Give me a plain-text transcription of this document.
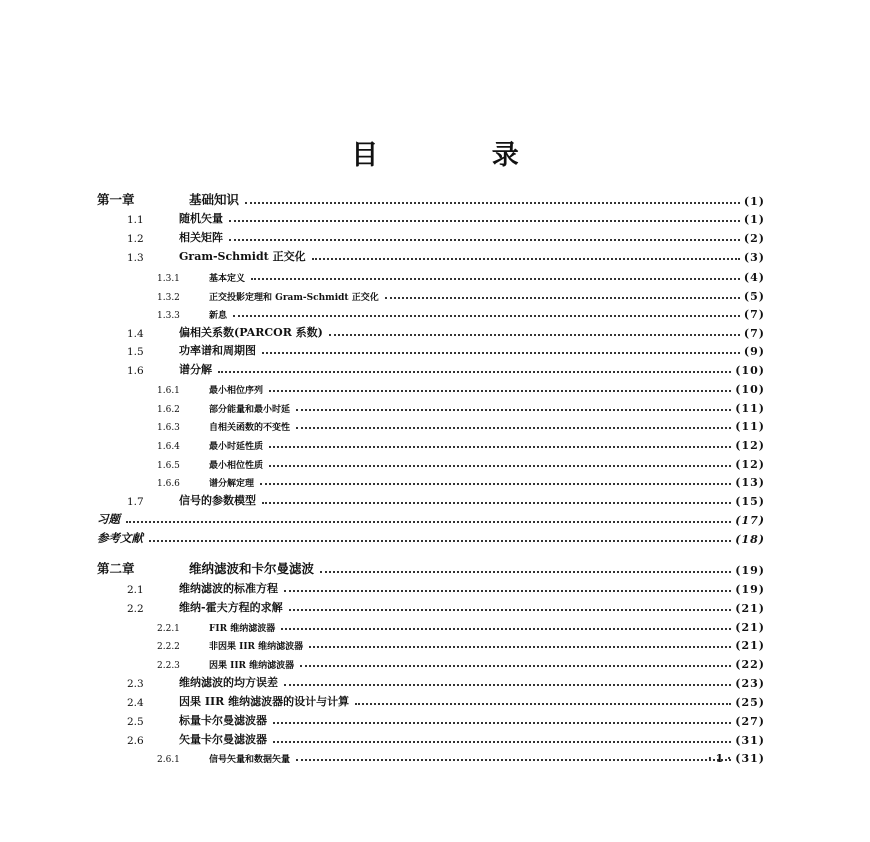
目 录
第一章	基础知识	(1)
1.1	随机矢量	(1)
1.2	相关矩阵	(2)
1.3	Gram-Schmidt 正交化	(3)
1.3.1	基本定义	(4)
1.3.2	正交投影定理和 Gram-Schmidt 正交化	(5)
1.3.3	新息	(7)
1.4	偏相关系数(PARCOR 系数)	(7)
1.5	功率谱和周期图	(9)
1.6	谱分解	(10)
1.6.1	最小相位序列	(10)
1.6.2	部分能量和最小时延	(11)
1.6.3	自相关函数的不变性	(11)
1.6.4	最小时延性质	(12)
1.6.5	最小相位性质	(12)
1.6.6	谱分解定理	(13)
1.7	信号的参数模型	(15)
习题	(17)
参考文献	(18)
第二章	维纳滤波和卡尔曼滤波	(19)
2.1	维纳滤波的标准方程	(19)
2.2	维纳-霍夫方程的求解	(21)
2.2.1	FIR 维纳滤波器	(21)
2.2.2	非因果 IIR 维纳滤波器	(21)
2.2.3	因果 IIR 维纳滤波器	(22)
2.3	维纳滤波的均方误差	(23)
2.4	因果 IIR 维纳滤波器的设计与计算	(25)
2.5	标量卡尔曼滤波器	(27)
2.6	矢量卡尔曼滤波器	(31)
2.6.1	信号矢量和数据矢量	(31)
· 1 ·
